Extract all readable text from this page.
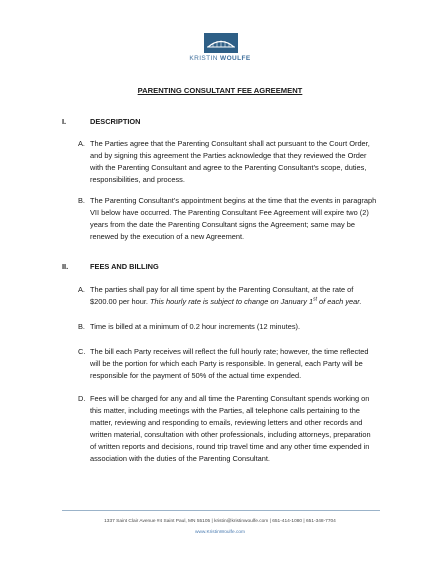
KRISTIN WOULFE
PARENTING CONSULTANT FEE AGREEMENT
I.	DESCRIPTION
A. The Parties agree that the Parenting Consultant shall act pursuant to the Court Order,
and by signing this agreement the Parties acknowledge that they reviewed the Order
with the Parenting Consultant and agree to the Parenting Consultant’s scope, duties,
responsibilities, and process.

B. The Parenting Consultant’s appointment begins at the time that the events in paragraph
VII below have occurred. The Parenting Consultant Fee Agreement will expire two (2)
years from the date the Parenting Consultant signs the Agreement; same may be
renewed by the execution of a new Agreement.

II.	FEES AND BILLING
A. The parties shall pay for all time spent by the Parenting Consultant, at the rate of
$200.00 per hour. This hourly rate is subject to change on January 1st of each year.

B. Time is billed at a minimum of 0.2 hour increments (12 minutes).

C. The bill each Party receives will reflect the full hourly rate; however, the time reflected
will be the portion for which each Party is responsible. In general, each Party will be
responsible for the payment of 50% of the actual time expended.

D. Fees will be charged for any and all time the Parenting Consultant spends working on
this matter, including meetings with the Parties, all telephone calls pertaining to the
matter, reviewing and responding to emails, reviewing letters and other records and
written material, consultation with other professionals, including attorneys, preparation
of written reports and decisions, round trip travel time and any other time expended in
association with the duties of the Parenting Consultant.

1337 Saint Clair Avenue #4 Saint Paul, MN 55105 | kristin@kristinwoulfe.com | 651-414-1080 | 651-348-7704
www.KristinWoulfe.com
